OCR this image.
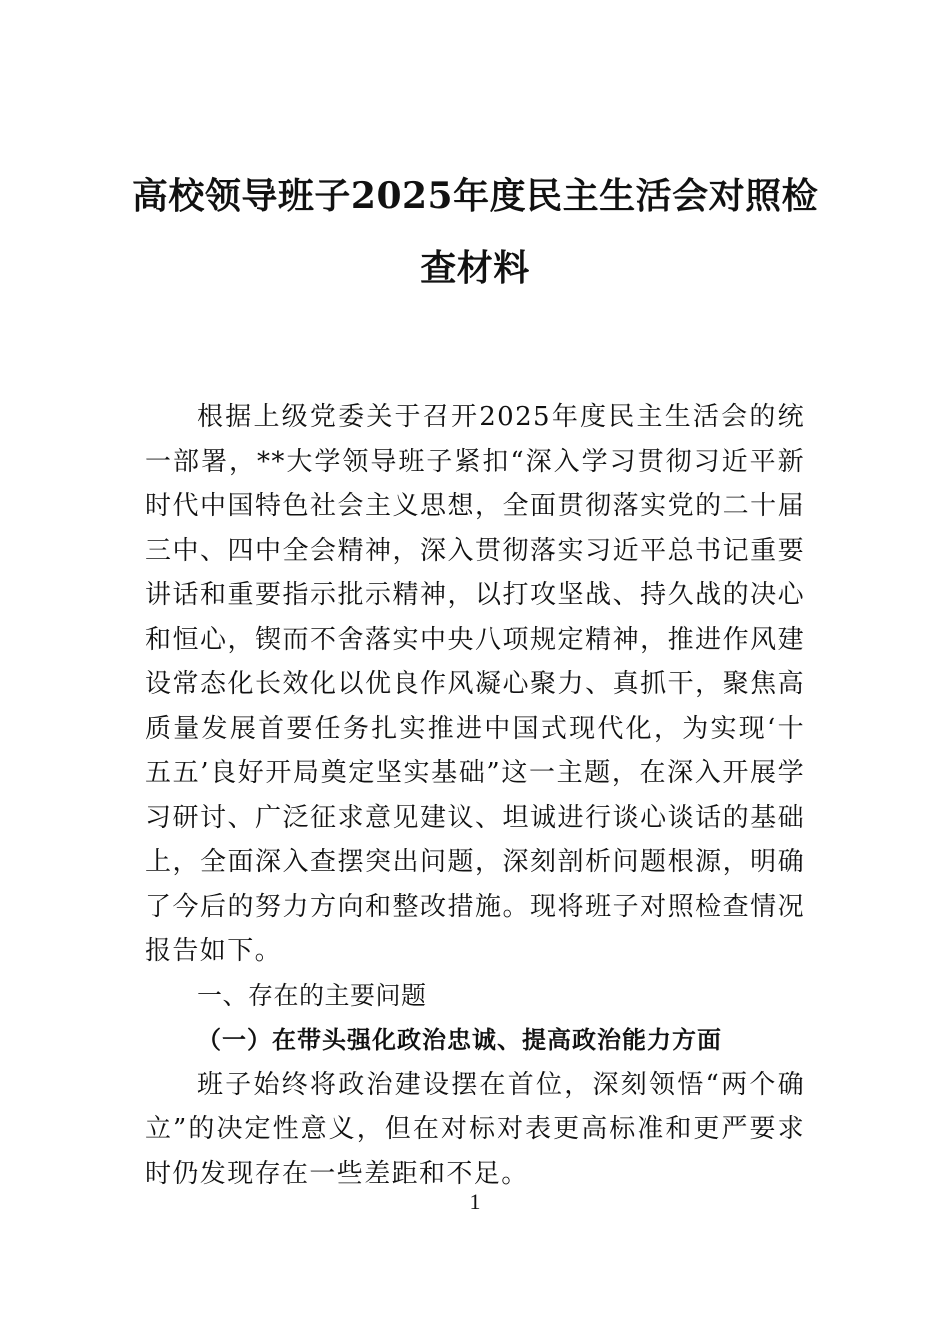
高校领导班子2025年度民主生活会对照检
查材料

根据上级党委关于召开2025年度民主生活会的统一部署，**大学领导班子紧扣“深入学习贯彻习近平新时代中国特色社会主义思想，全面贯彻落实党的二十届三中、四中全会精神，深入贯彻落实习近平总书记重要讲话和重要指示批示精神，以打攻坚战、持久战的决心和恒心，锲而不舍落实中央八项规定精神，推进作风建设常态化长效化以优良作风凝心聚力、真抓干，聚焦高质量发展首要任务扎实推进中国式现代化，为实现‘十五五’良好开局奠定坚实基础”这一主题，在深入开展学习研讨、广泛征求意见建议、坦诚进行谈心谈话的基础上，全面深入查摆突出问题，深刻剖析问题根源，明确了今后的努力方向和整改措施。现将班子对照检查情况报告如下。

一、存在的主要问题

（一）在带头强化政治忠诚、提高政治能力方面

班子始终将政治建设摆在首位，深刻领悟“两个确立”的决定性意义，但在对标对表更高标准和更严要求时仍发现存在一些差距和不足。

1
